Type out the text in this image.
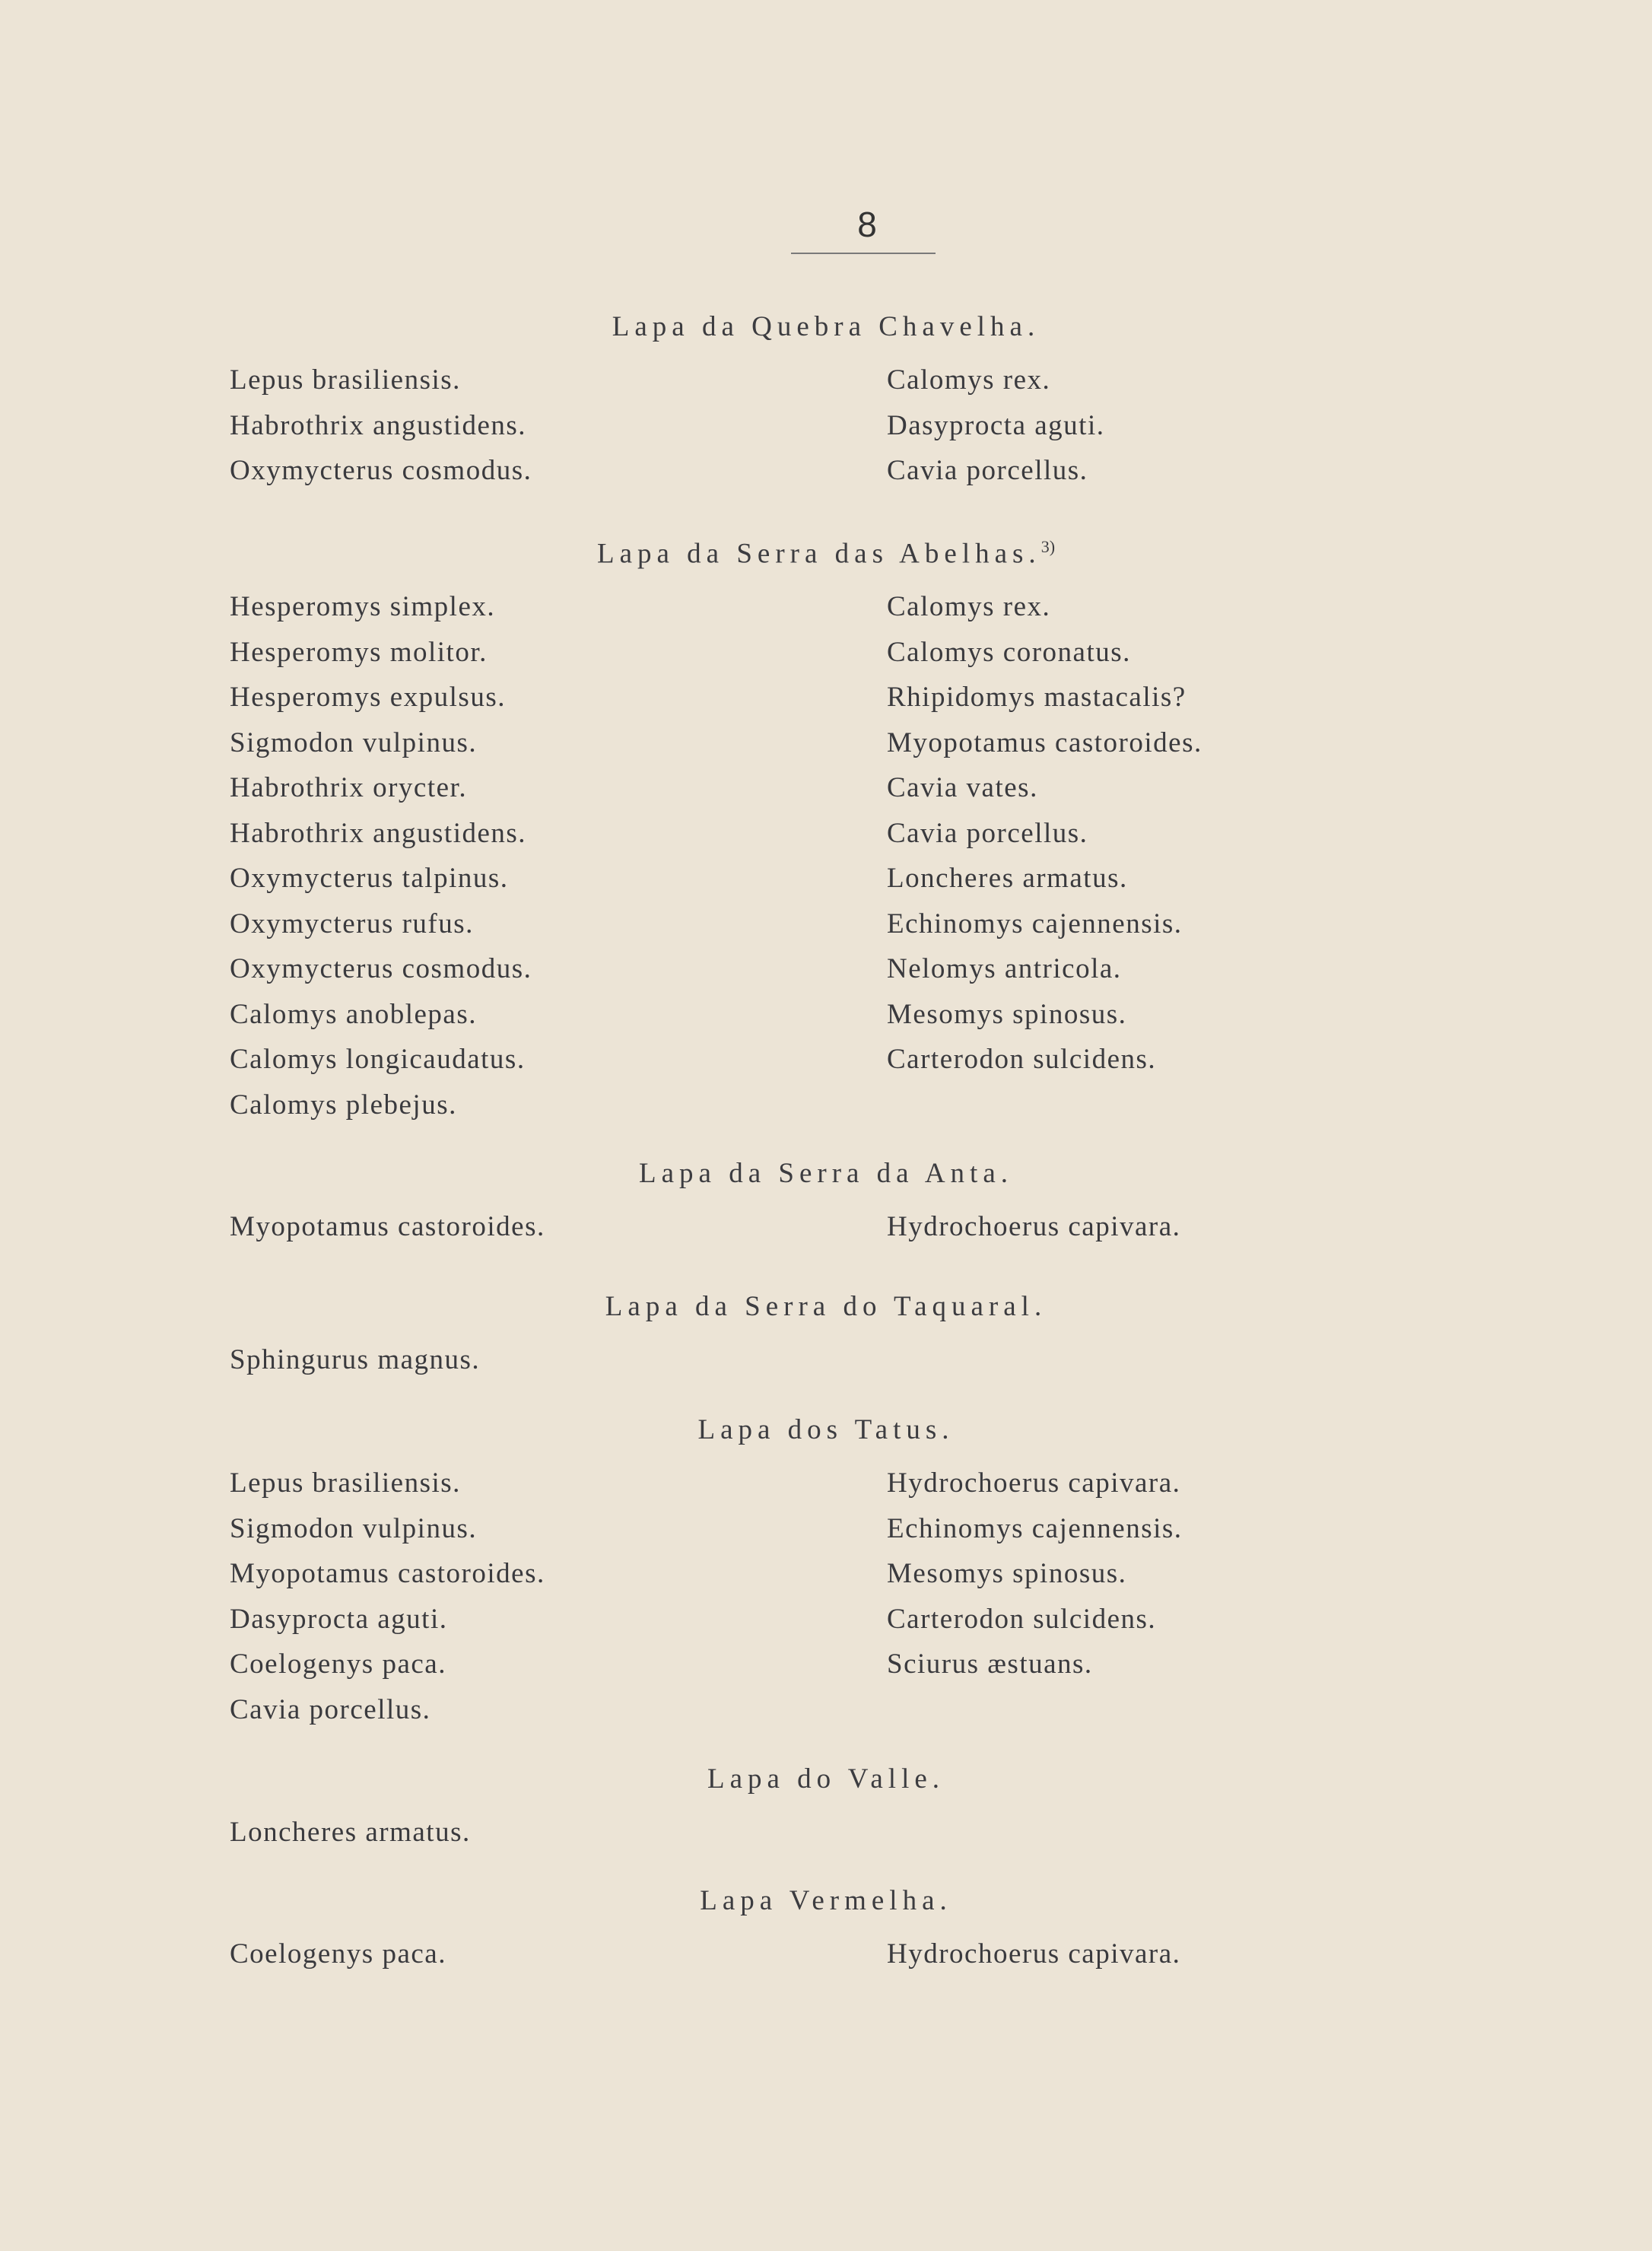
8
Lapa da Quebra Chavelha.
Lepus brasiliensis.
Habrothrix angustidens.
Oxymycterus cosmodus.
Calomys rex.
Dasyprocta aguti.
Cavia porcellus.
Lapa da Serra das Abelhas.$^{3)}$
Hesperomys simplex.
Hesperomys molitor.
Hesperomys expulsus.
Sigmodon vulpinus.
Habrothrix orycter.
Habrothrix angustidens.
Oxymycterus talpinus.
Oxymycterus rufus.
Oxymycterus cosmodus.
Calomys anoblepas.
Calomys longicaudatus.
Calomys plebejus.
Calomys rex.
Calomys coronatus.
Rhipidomys mastacalis?
Myopotamus castoroides.
Cavia vates.
Cavia porcellus.
Loncheres armatus.
Echinomys cajennensis.
Nelomys antricola.
Mesomys spinosus.
Carterodon sulcidens.
Lapa da Serra da Anta.
Myopotamus castoroides.	Hydrochoerus capivara.
Lapa da Serra do Taquaral.
Sphingurus magnus.
Lapa dos Tatus.
Lepus brasiliensis.
Sigmodon vulpinus.
Myopotamus castoroides.
Dasyprocta aguti.
Coelogenys paca.
Cavia porcellus.
Hydrochoerus capivara.
Echinomys cajennensis.
Mesomys spinosus.
Carterodon sulcidens.
Sciurus æstuans.
Lapa do Valle.
Loncheres armatus.
Lapa Vermelha.
Coelogenys paca.	Hydrochoerus capivara.
